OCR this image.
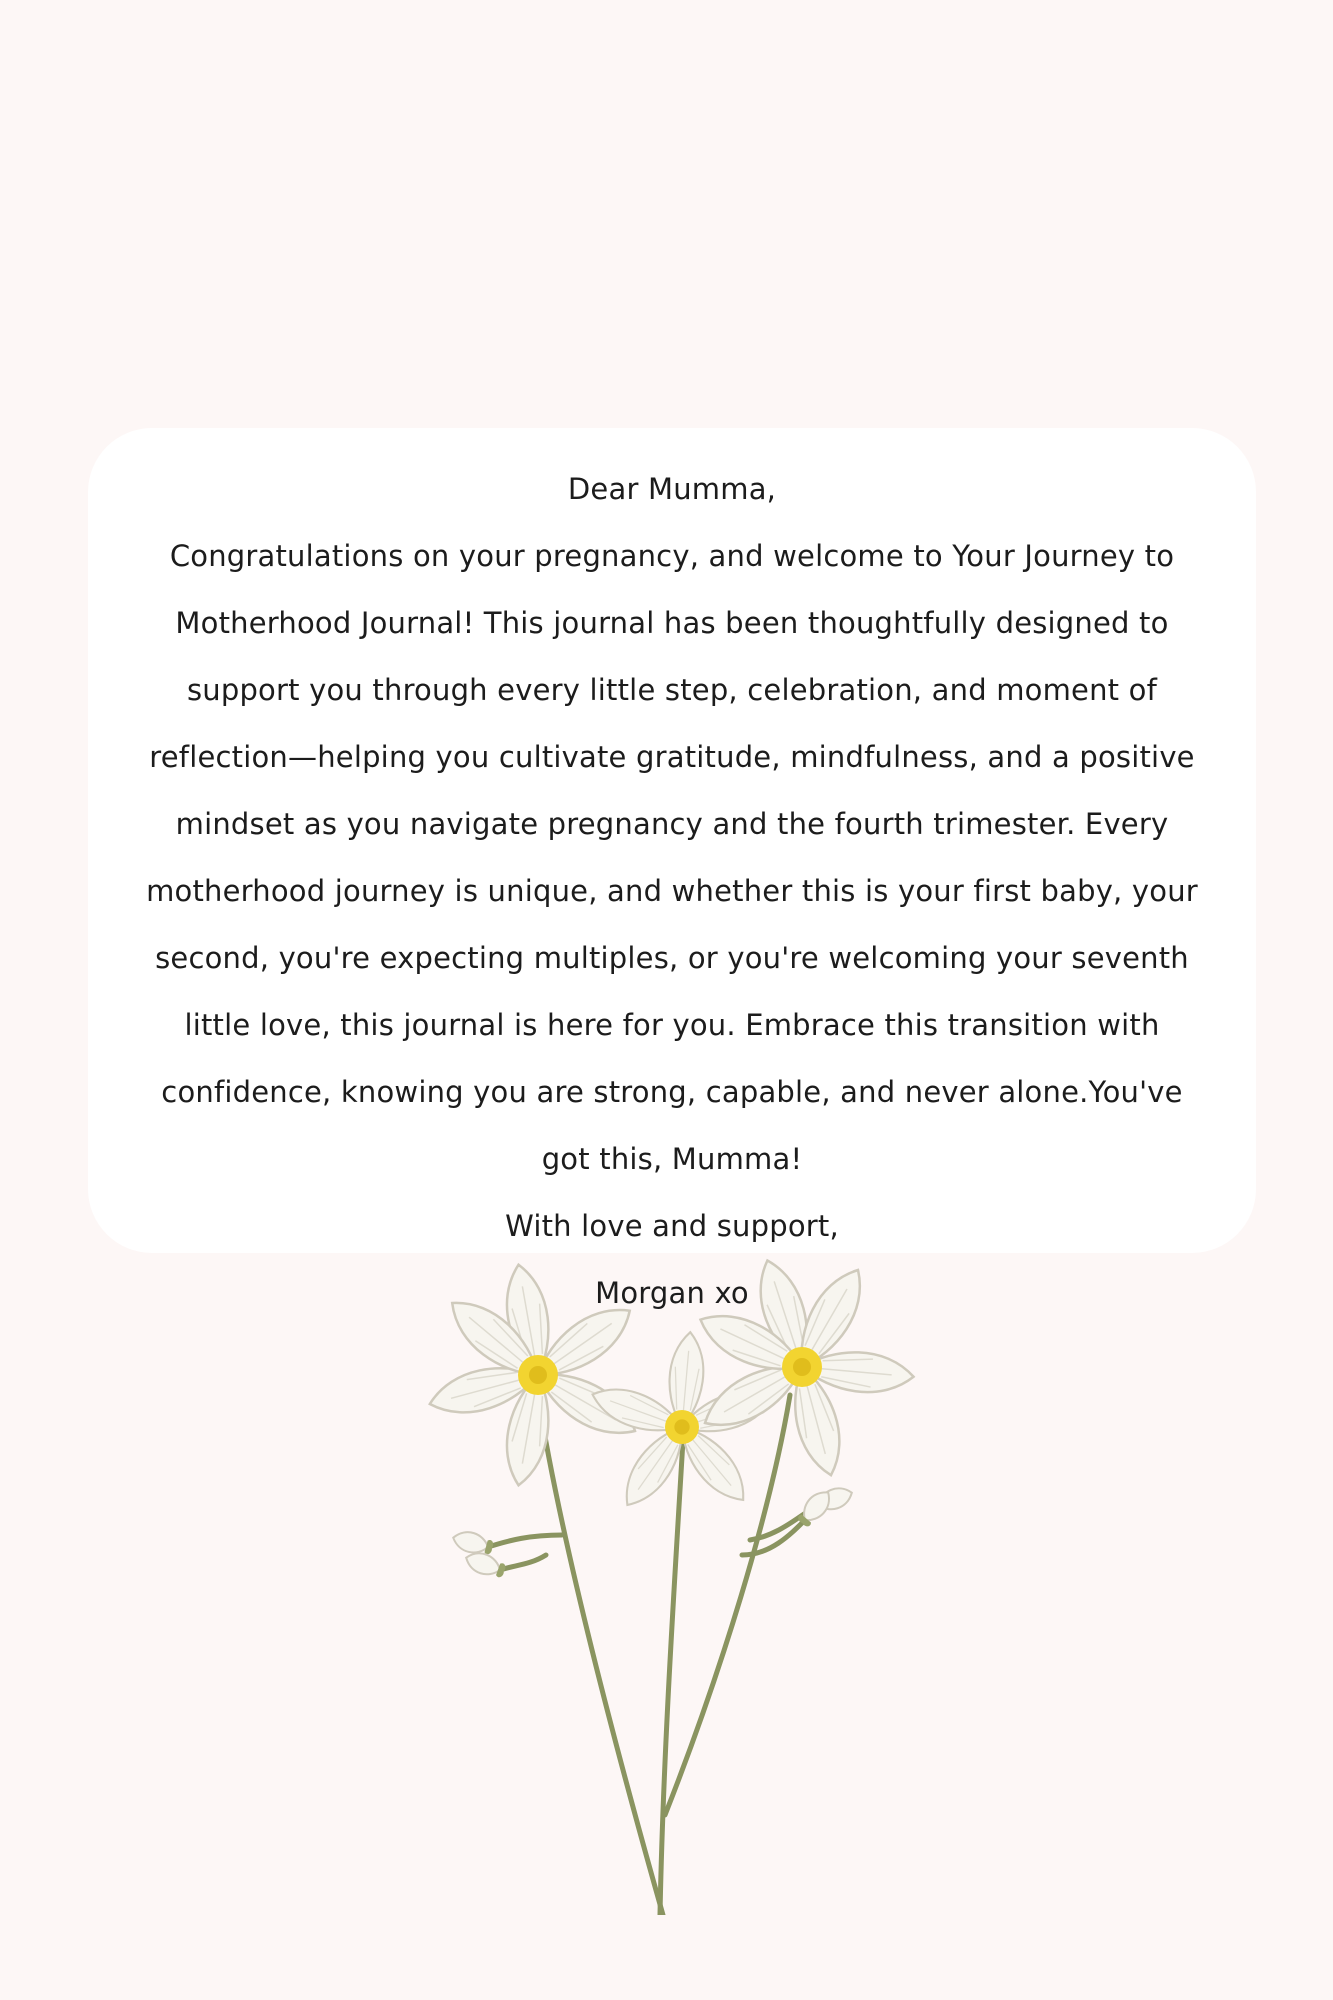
Dear Mumma,

Congratulations on your pregnancy, and welcome to Your Journey to Motherhood Journal! This journal has been thoughtfully designed to support you through every little step, celebration, and moment of reflection—helping you cultivate gratitude, mindfulness, and a positive mindset as you navigate pregnancy and the fourth trimester. Every motherhood journey is unique, and whether this is your first baby, your second, you're expecting multiples, or you're welcoming your seventh little love, this journal is here for you. Embrace this transition with confidence, knowing you are strong, capable, and never alone.You've got this, Mumma!

With love and support,

Morgan xo
